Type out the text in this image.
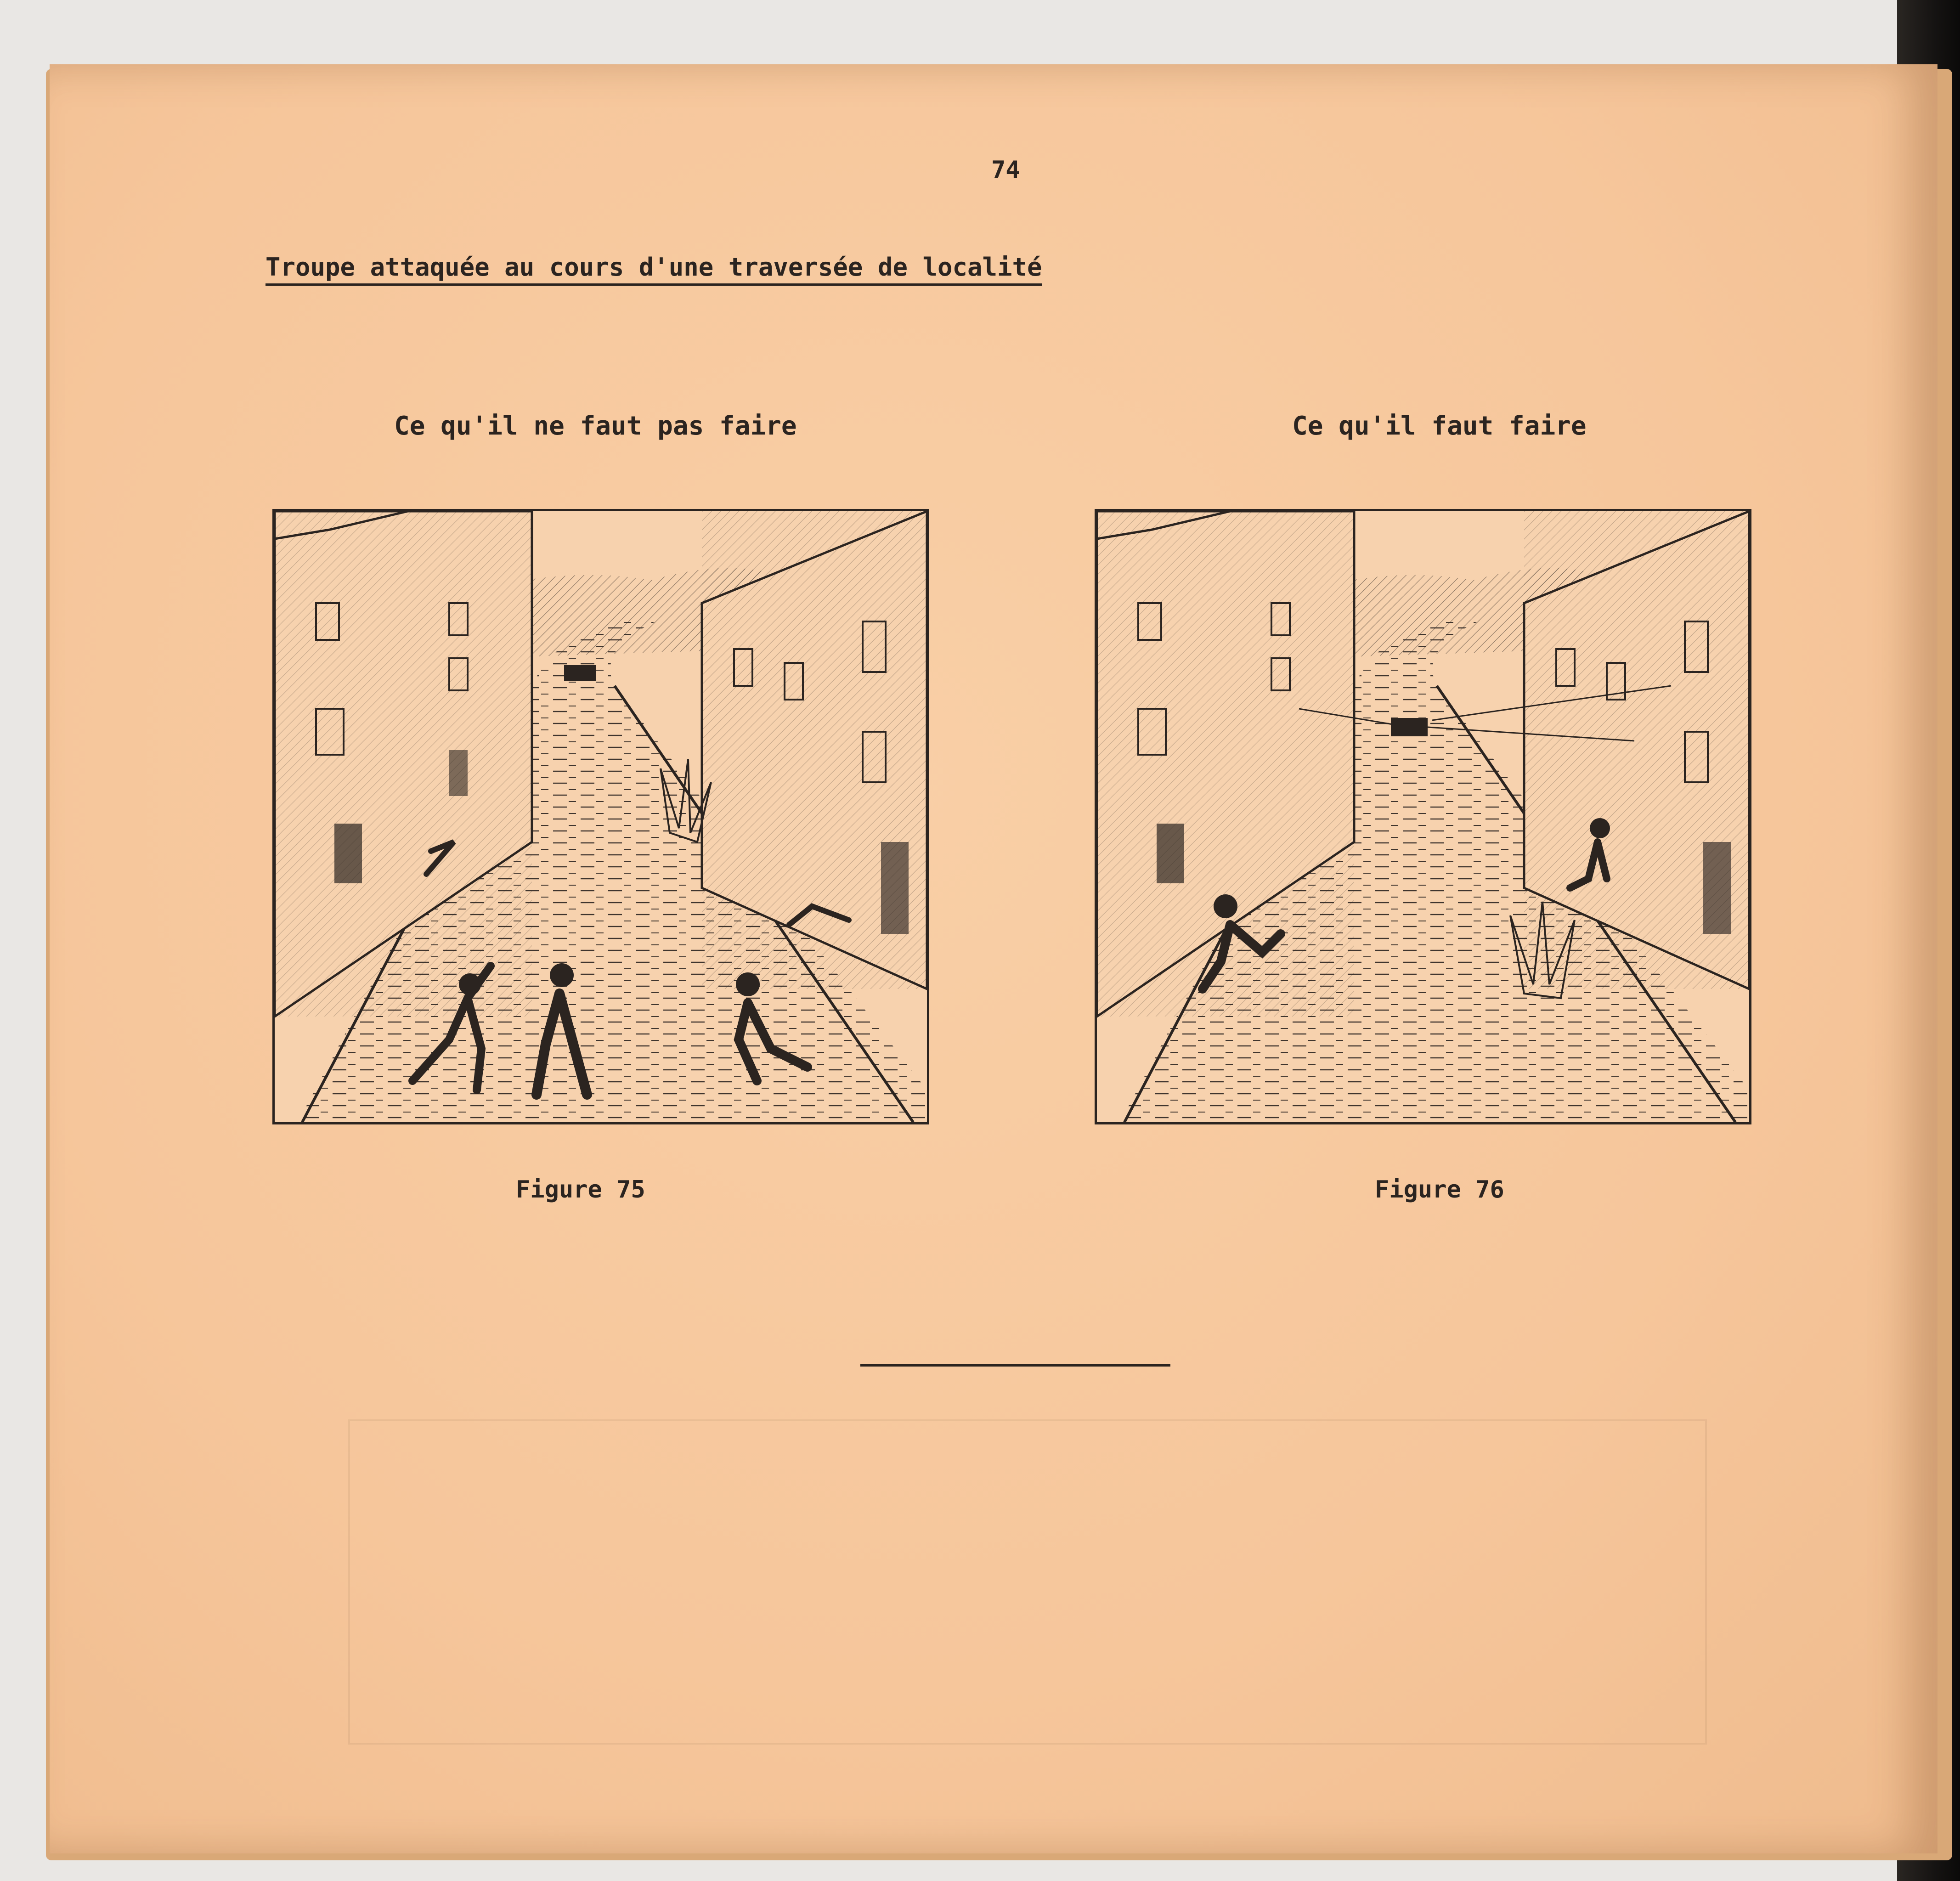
74
Troupe attaquée au cours d'une traversée de localité
Ce qu'il ne faut pas faire	Ce qu'il faut faire
Figure 75	Figure 76
